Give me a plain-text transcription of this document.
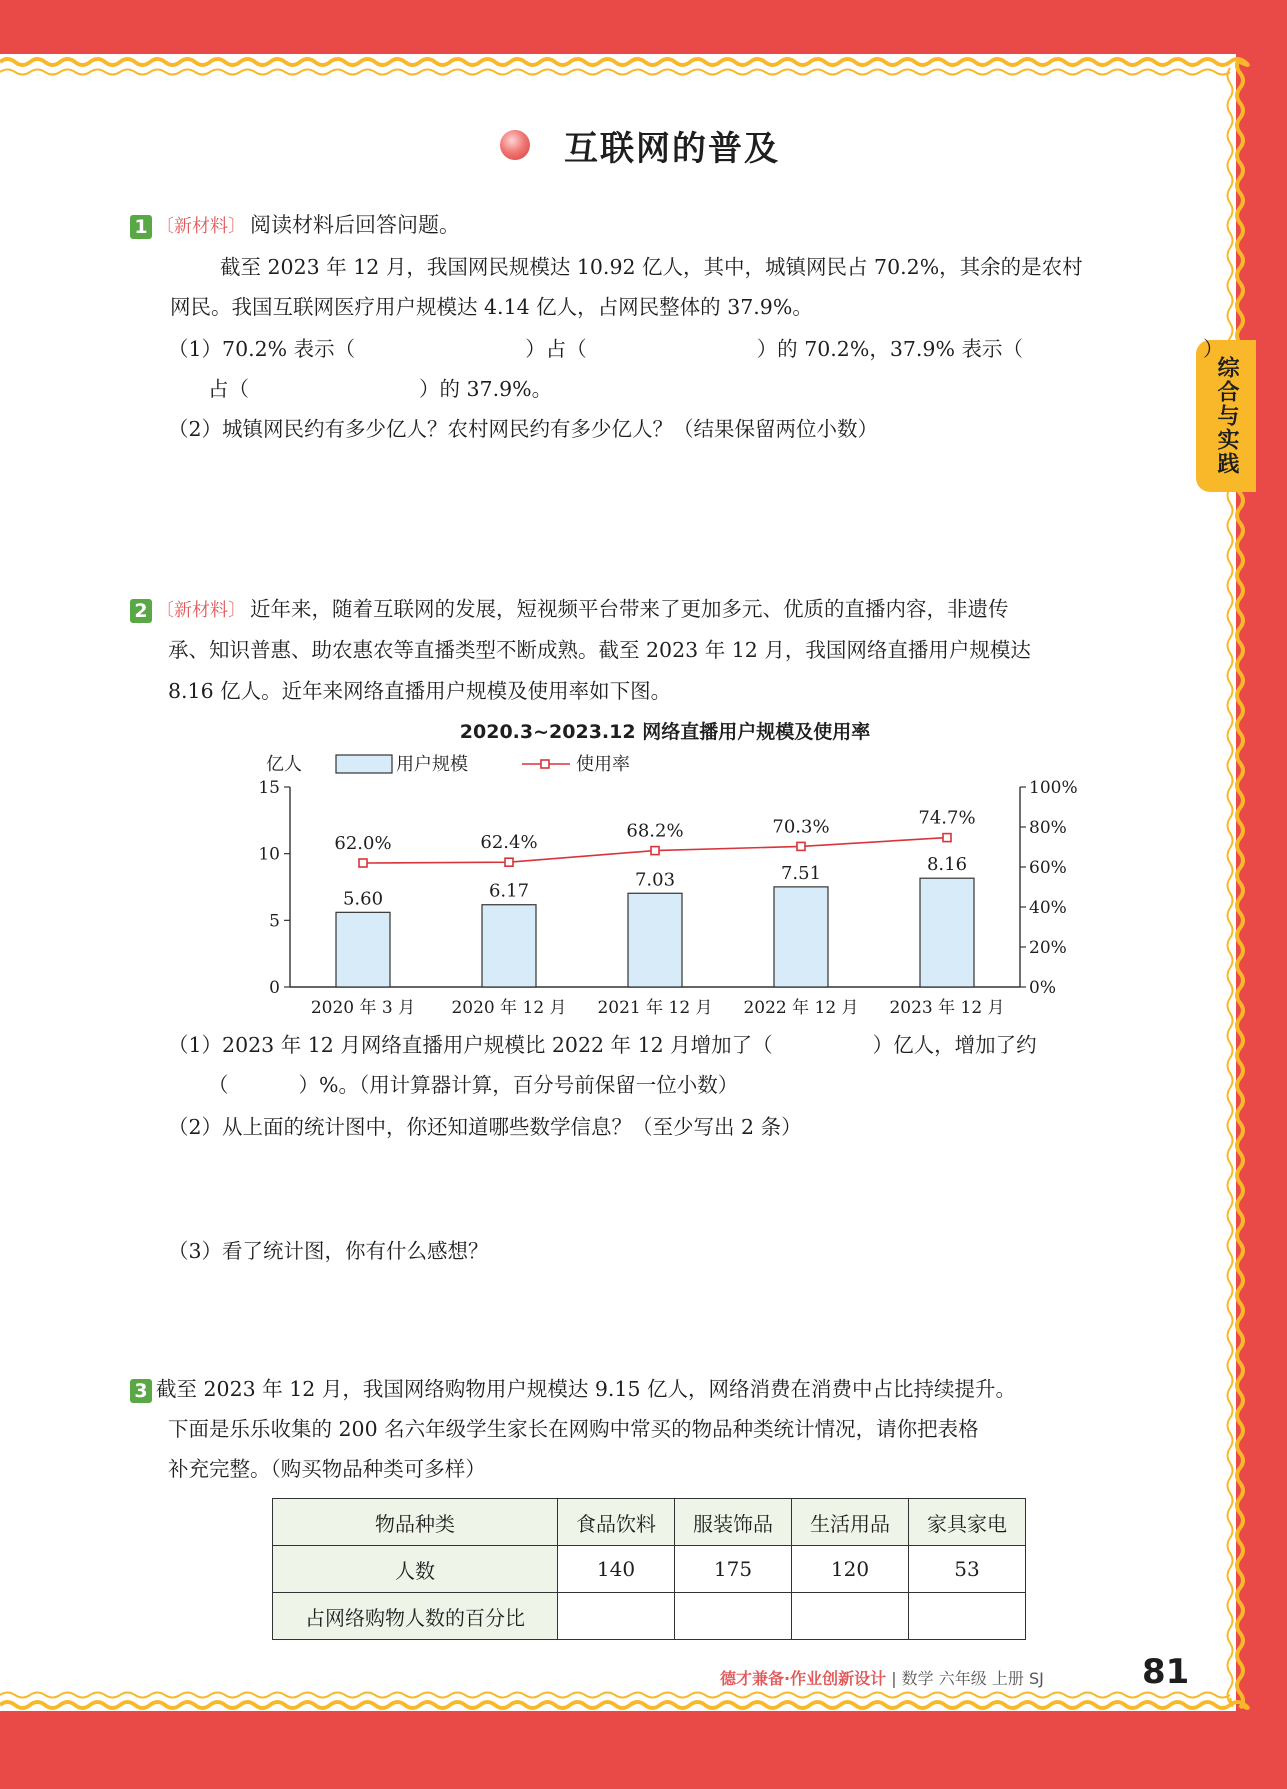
互联网的普及
综合与实践
1 〔新材料〕 阅读材料后回答问题。
截至 2023 年 12 月，我国网民规模达 10.92 亿人，其中，城镇网民占 70.2%，其余的是农村
网民。我国互联网医疗用户规模达 4.14 亿人，占网民整体的 37.9%。
（1）70.2% 表示（	）占（	）的 70.2%，37.9% 表示（	）
占（	）的 37.9%。
（2）城镇网民约有多少亿人？农村网民约有多少亿人？（结果保留两位小数）
2 〔新材料〕 近年来，随着互联网的发展，短视频平台带来了更加多元、优质的直播内容，非遗传
承、知识普惠、助农惠农等直播类型不断成熟。截至 2023 年 12 月，我国网络直播用户规模达
8.16 亿人。近年来网络直播用户规模及使用率如下图。
2020.3~2023.12 网络直播用户规模及使用率
亿人	用户规模	使用率
0
5
10
15
0%
20%
40%
60%
80%
100%
5.60
2020 年 3 月
6.17
2020 年 12 月
7.03
2021 年 12 月
7.51
2022 年 12 月
8.16
2023 年 12 月
62.0%	62.4%
68.2%	70.3%	74.7%
（1）2023 年 12 月网络直播用户规模比 2022 年 12 月增加了（	）亿人，增加了约
（	）%。（用计算器计算，百分号前保留一位小数）
（2）从上面的统计图中，你还知道哪些数学信息？（至少写出 2 条）
（3）看了统计图，你有什么感想？
3 截至 2023 年 12 月，我国网络购物用户规模达 9.15 亿人，网络消费在消费中占比持续提升。
下面是乐乐收集的 200 名六年级学生家长在网购中常买的物品种类统计情况，请你把表格
补充完整。（购买物品种类可多样）
物品种类	食品饮料	服装饰品	生活用品	家具家电
人数	140	175	120	53
占网络购物人数的百分比				
德才兼备·作业创新设计 | 数学 六年级 上册 SJ	81
